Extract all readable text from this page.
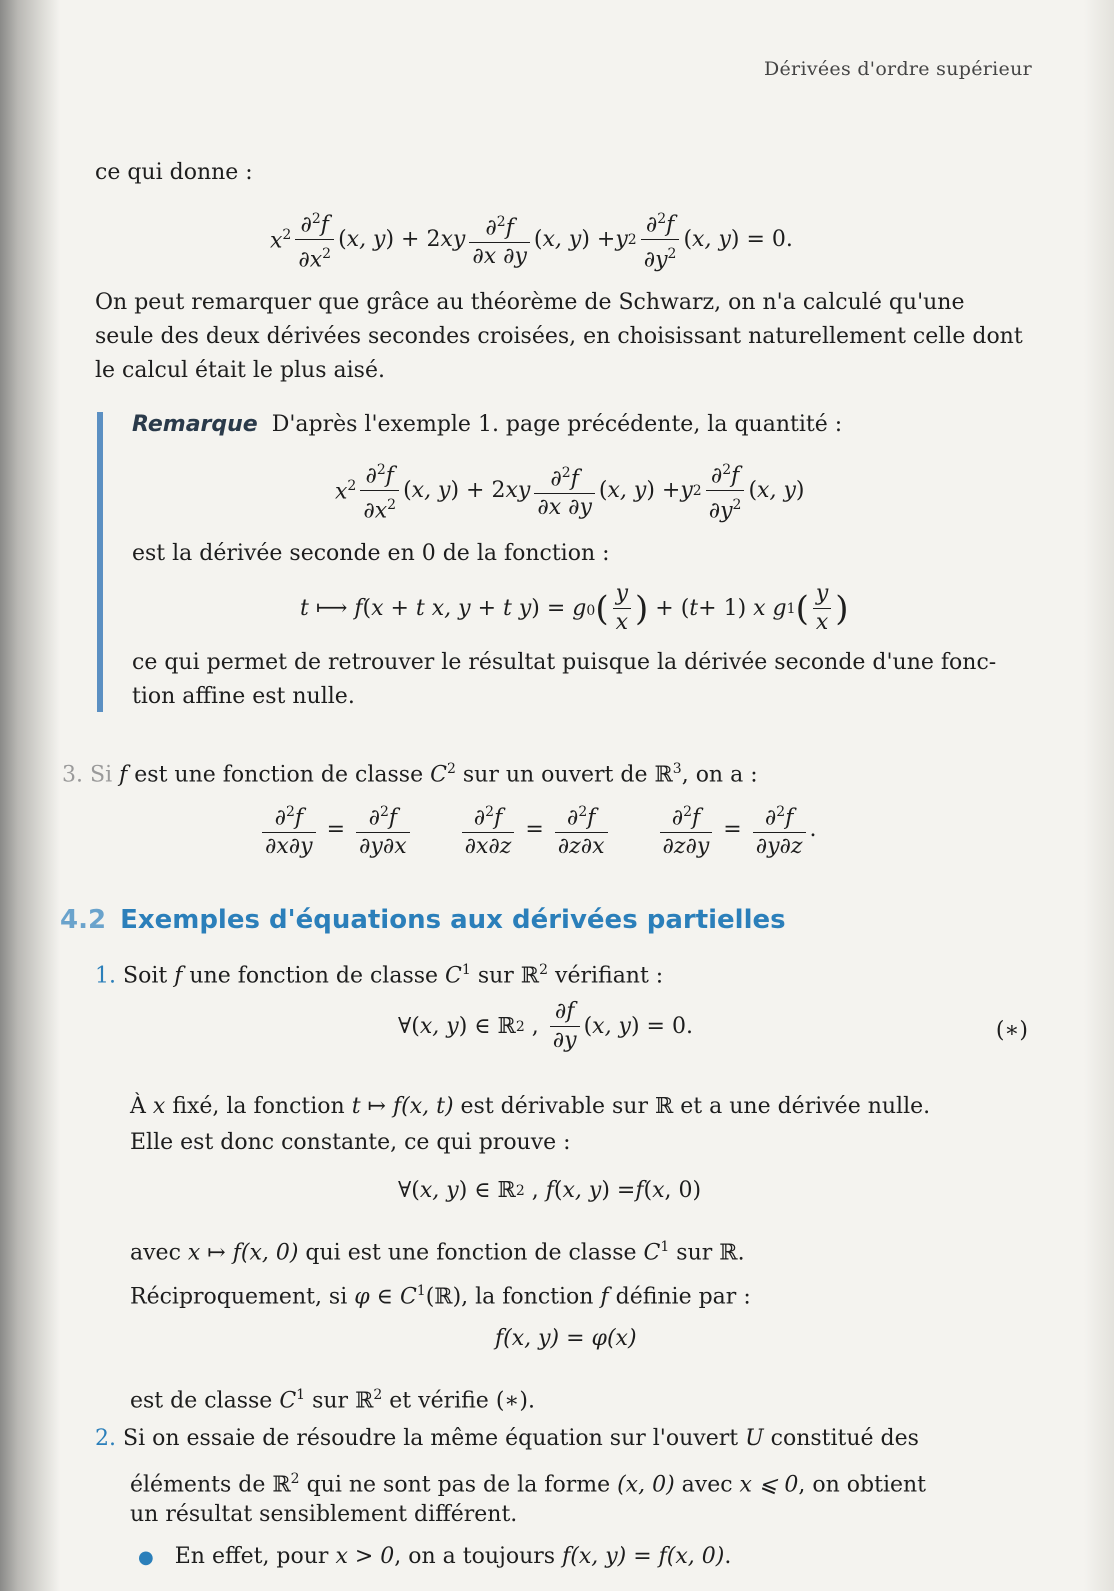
Dérivées d'ordre supérieur
ce qui donne :
$x^2 \frac{\partial^2f}{\partial x^2}$ ( x, y ) + 2 xy $\frac{\partial^2f}{\partial x \partial y}$ ( x, y ) + y $2 \frac{\partial^2f}{\partial y^2}$ ( x, y ) = 0.
On peut remarquer que grâce au théorème de Schwarz, on n'a calculé qu'une
seule des deux dérivées secondes croisées, en choisissant naturellement celle dont
le calcul était le plus aisé.
Remarque D'après l'exemple 1. page précédente, la quantité :
$x^2 \frac{\partial^2f}{\partial x^2}$ ( x, y ) + 2 xy $\frac{\partial^2f}{\partial x \partial y}$ ( x, y ) + y $2 \frac{\partial^2f}{\partial y^2}$ ( x, y )
est la dérivée seconde en 0 de la fonction :
t ⟼ f(x + t x, y + t y) = g0 ( $\frac{y}{x}$ ) + ( t + 1) x g 1 ( $\frac{y}{x}$ )
ce qui permet de retrouver le résultat puisque la dérivée seconde d'une fonc-
tion affine est nulle.
3. Si f est une fonction de classe $C^2$ sur un ouvert de ℝ$^3$, on a :
$\frac{\partial^2f}{\partial x\partial y} = \frac{\partial^2f}{\partial y\partial x} \frac{\partial^2f}{\partial x\partial z} = \frac{\partial^2f}{\partial z\partial x} \frac{\partial^2f}{\partial z\partial y} = \frac{\partial^2f}{\partial y\partial z}$ .
4.2 Exemples d'équations aux dérivées partielles
1. Soit f une fonction de classe $C^1$ sur ℝ$^2$ vérifiant :
∀( x, y ) ∈ ℝ 2 , $\frac{\partial f}{\partial y}$ ( x, y ) = 0.	(∗)
À x fixé, la fonction t ↦ f(x, t) est dérivable sur ℝ et a une dérivée nulle.
Elle est donc constante, ce qui prouve :
∀( x, y ) ∈ ℝ 2 , f ( x, y ) = f ( x , 0)
avec x ↦ f(x, 0) qui est une fonction de classe $C^1$ sur ℝ.
Réciproquement, si φ ∈ $C^1(ℝ)$, la fonction f définie par :
f(x, y) = φ(x)
est de classe $C^1$ sur ℝ$^2$ et vérifie (∗).
2. Si on essaie de résoudre la même équation sur l'ouvert U constitué des
éléments de ℝ$^2$ qui ne sont pas de la forme (x, 0) avec x ⩽ 0, on obtient
un résultat sensiblement différent.
● En effet, pour x > 0, on a toujours f(x, y) = f(x, 0).
